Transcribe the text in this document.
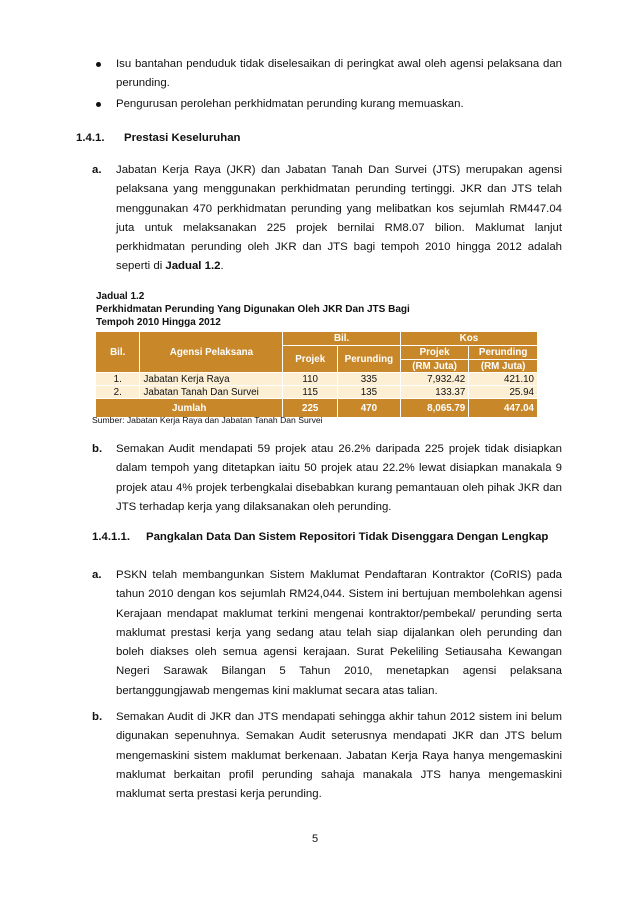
Isu bantahan penduduk tidak diselesaikan di peringkat awal oleh agensi pelaksana dan perunding.
Pengurusan perolehan perkhidmatan perunding kurang memuaskan.
1.4.1. Prestasi Keseluruhan
a. Jabatan Kerja Raya (JKR) dan Jabatan Tanah Dan Survei (JTS) merupakan agensi pelaksana yang menggunakan perkhidmatan perunding tertinggi. JKR dan JTS telah menggunakan 470 perkhidmatan perunding yang melibatkan kos sejumlah RM447.04 juta untuk melaksanakan 225 projek bernilai RM8.07 bilion. Maklumat lanjut perkhidmatan perunding oleh JKR dan JTS bagi tempoh 2010 hingga 2012 adalah seperti di Jadual 1.2.
Jadual 1.2
Perkhidmatan Perunding Yang Digunakan Oleh JKR Dan JTS Bagi
Tempoh 2010 Hingga 2012
Bil.	Agensi Pelaksana	Bil.		Kos	
		Projek	Perunding	Projek	Perunding
				(RM Juta)	(RM Juta)
1.	Jabatan Kerja Raya	110	335	7,932.42	421.10
2.	Jabatan Tanah Dan Survei	115	135	133.37	25.94
Jumlah		225	470	8,065.79	447.04
Sumber: Jabatan Kerja Raya dan Jabatan Tanah Dan Survei
b. Semakan Audit mendapati 59 projek atau 26.2% daripada 225 projek tidak disiapkan dalam tempoh yang ditetapkan iaitu 50 projek atau 22.2% lewat disiapkan manakala 9 projek atau 4% projek terbengkalai disebabkan kurang pemantauan oleh pihak JKR dan JTS terhadap kerja yang dilaksanakan oleh perunding.
1.4.1.1. Pangkalan Data Dan Sistem Repositori Tidak Disenggara Dengan Lengkap
a. PSKN telah membangunkan Sistem Maklumat Pendaftaran Kontraktor (CoRIS) pada tahun 2010 dengan kos sejumlah RM24,044. Sistem ini bertujuan membolehkan agensi Kerajaan mendapat maklumat terkini mengenai kontraktor/pembekal/ perunding serta maklumat prestasi kerja yang sedang atau telah siap dijalankan oleh perunding dan boleh diakses oleh semua agensi kerajaan. Surat Pekeliling Setiausaha Kewangan Negeri Sarawak Bilangan 5 Tahun 2010, menetapkan agensi pelaksana bertanggungjawab mengemas kini maklumat secara atas talian.
b. Semakan Audit di JKR dan JTS mendapati sehingga akhir tahun 2012 sistem ini belum digunakan sepenuhnya. Semakan Audit seterusnya mendapati JKR dan JTS belum mengemaskini sistem maklumat berkenaan. Jabatan Kerja Raya hanya mengemaskini maklumat berkaitan profil perunding sahaja manakala JTS hanya mengemaskini maklumat serta prestasi kerja perunding.
5
